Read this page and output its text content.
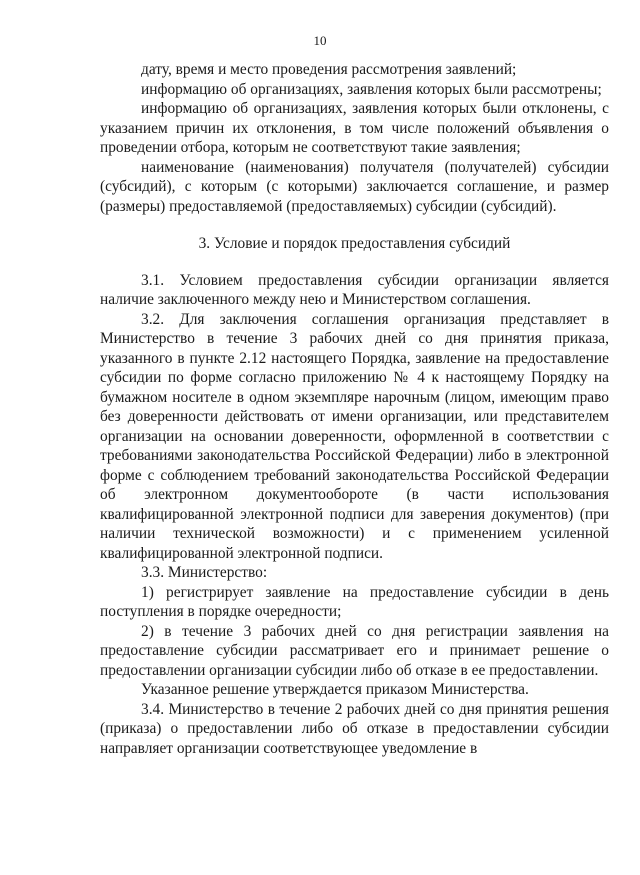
10

дату, время и место проведения рассмотрения заявлений;

информацию об организациях, заявления которых были рассмотрены;

информацию об организациях, заявления которых были отклонены, с указанием причин их отклонения, в том числе положений объявления о проведении отбора, которым не соответствуют такие заявления;

наименование (наименования) получателя (получателей) субсидии (субсидий), с которым (с которыми) заключается соглашение, и размер (размеры) предоставляемой (предоставляемых) субсидии (субсидий).

3. Условие и порядок предоставления субсидий

3.1. Условием предоставления субсидии организации является наличие заключенного между нею и Министерством соглашения.

3.2. Для заключения соглашения организация представляет в Министерство в течение 3 рабочих дней со дня принятия приказа, указанного в пункте 2.12 настоящего Порядка, заявление на предоставление субсидии по форме согласно приложению № 4 к настоящему Порядку на бумажном носителе в одном экземпляре нарочным (лицом, имеющим право без доверенности действовать от имени организации, или представителем организации на основании доверенности, оформленной в соответствии с требованиями законодательства Российской Федерации) либо в электронной форме с соблюдением требований законодательства Российской Федерации об электронном документообороте (в части использования квалифицированной электронной подписи для заверения документов) (при наличии технической возможности) и с применением усиленной квалифицированной электронной подписи.

3.3. Министерство:

1) регистрирует заявление на предоставление субсидии в день поступления в порядке очередности;

2) в течение 3 рабочих дней со дня регистрации заявления на предоставление субсидии рассматривает его и принимает решение о предоставлении организации субсидии либо об отказе в ее предоставлении.

Указанное решение утверждается приказом Министерства.

3.4. Министерство в течение 2 рабочих дней со дня принятия решения (приказа) о предоставлении либо об отказе в предоставлении субсидии направляет организации соответствующее уведомление в
